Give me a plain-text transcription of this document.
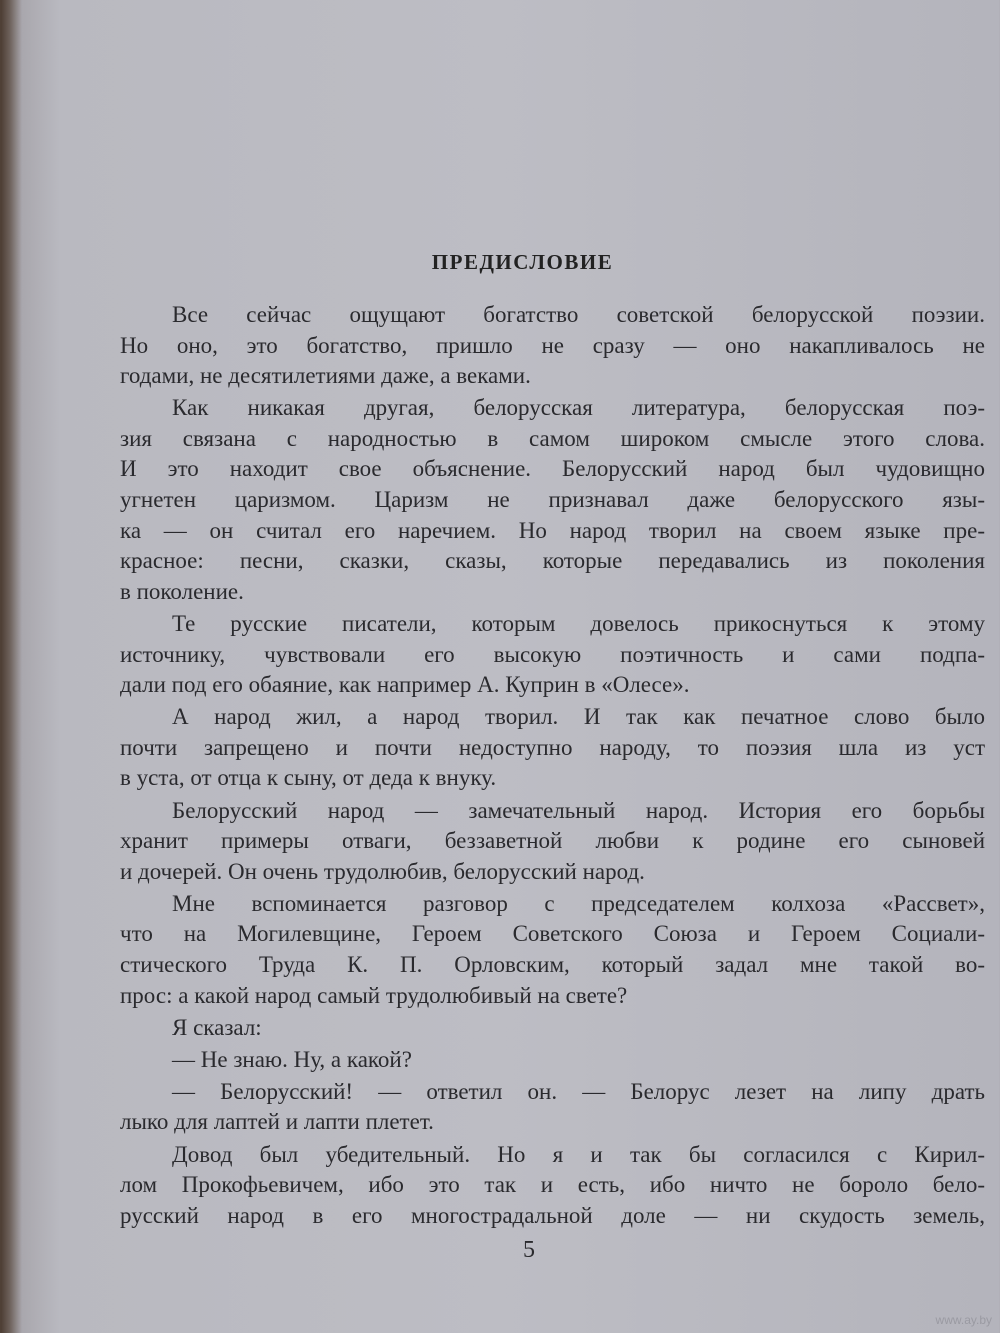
ПРЕДИСЛОВИЕ
Все сейчас ощущают богатство советской белорусской поэзии.
Но оно, это богатство, пришло не сразу — оно накапливалось не
годами, не десятилетиями даже, а веками.
Как никакая другая, белорусская литература, белорусская поэ-
зия связана с народностью в самом широком смысле этого слова.
И это находит свое объяснение. Белорусский народ был чудовищно
угнетен царизмом. Царизм не признавал даже белорусского язы-
ка — он считал его наречием. Но народ творил на своем языке пре-
красное: песни, сказки, сказы, которые передавались из поколения
в поколение.
Те русские писатели, которым довелось прикоснуться к этому
источнику, чувствовали его высокую поэтичность и сами подпа-
дали под его обаяние, как например А. Куприн в «Олесе».
А народ жил, а народ творил. И так как печатное слово было
почти запрещено и почти недоступно народу, то поэзия шла из уст
в уста, от отца к сыну, от деда к внуку.
Белорусский народ — замечательный народ. История его борьбы
хранит примеры отваги, беззаветной любви к родине его сыновей
и дочерей. Он очень трудолюбив, белорусский народ.
Мне вспоминается разговор с председателем колхоза «Рассвет»,
что на Могилевщине, Героем Советского Союза и Героем Социали-
стического Труда К. П. Орловским, который задал мне такой во-
прос: а какой народ самый трудолюбивый на свете?
Я сказал:
— Не знаю. Ну, а какой?
— Белорусский! — ответил он. — Белорус лезет на липу драть
лыко для лаптей и лапти плетет.
Довод был убедительный. Но я и так бы согласился с Кирил-
лом Прокофьевичем, ибо это так и есть, ибо ничто не бороло бело-
русский народ в его многострадальной доле — ни скудость земель,
5
www.ay.by
